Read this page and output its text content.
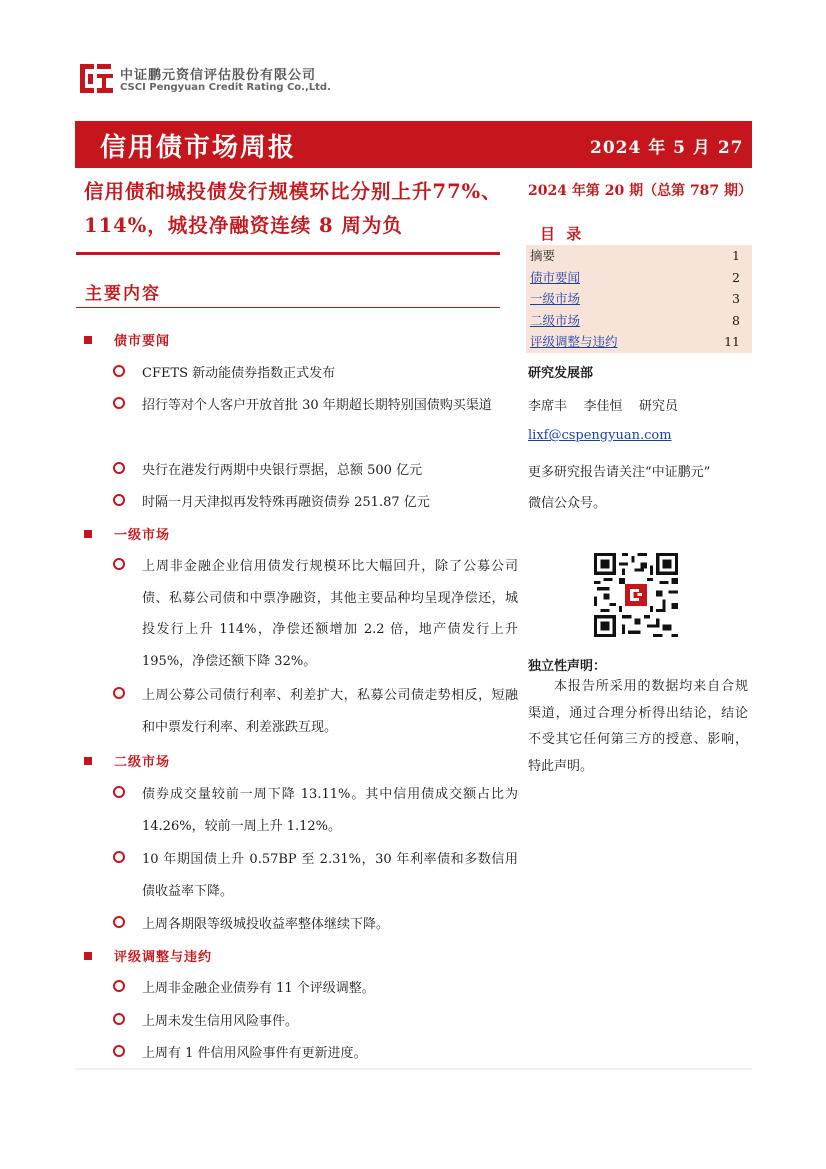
中证鹏元资信评估股份有限公司
CSCI Pengyuan Credit Rating Co.,Ltd.
信用债市场周报	2024 年 5 月 27 日
信用债和城投债发行规模环比分别上升77%、114%，城投净融资连续 8 周为负
2024 年第 20 期（总第 787 期）
目 录
摘要	1
债市要闻	2
一级市场	3
二级市场	8
评级调整与违约	11
研究发展部
李席丰    李佳恒    研究员
lixf@cspengyuan.com
更多研究报告请关注“中证鹏元”
微信公众号。
独立性声明：
本报告所采用的数据均来自合规渠道，通过合理分析得出结论，结论不受其它任何第三方的授意、影响，特此声明。
主要内容
债市要闻
CFETS 新动能债券指数正式发布
招行等对个人客户开放首批 30 年期超长期特别国债购买渠道
央行在港发行两期中央银行票据，总额 500 亿元
时隔一月天津拟再发特殊再融资债券 251.87 亿元
一级市场
上周非金融企业信用债发行规模环比大幅回升，除了公募公司债、私募公司债和中票净融资，其他主要品种均呈现净偿还，城投发行上升 114%，净偿还额增加 2.2 倍，地产债发行上升 195%，净偿还额下降 32%。
上周公募公司债行利率、利差扩大，私募公司债走势相反，短融和中票发行利率、利差涨跌互现。
二级市场
债券成交量较前一周下降 13.11%。其中信用债成交额占比为 14.26%，较前一周上升 1.12%。
10 年期国债上升 0.57BP 至 2.31%，30 年利率债和多数信用债收益率下降。
上周各期限等级城投收益率整体继续下降。
评级调整与违约
上周非金融企业债券有 11 个评级调整。
上周未发生信用风险事件。
上周有 1 件信用风险事件有更新进度。
